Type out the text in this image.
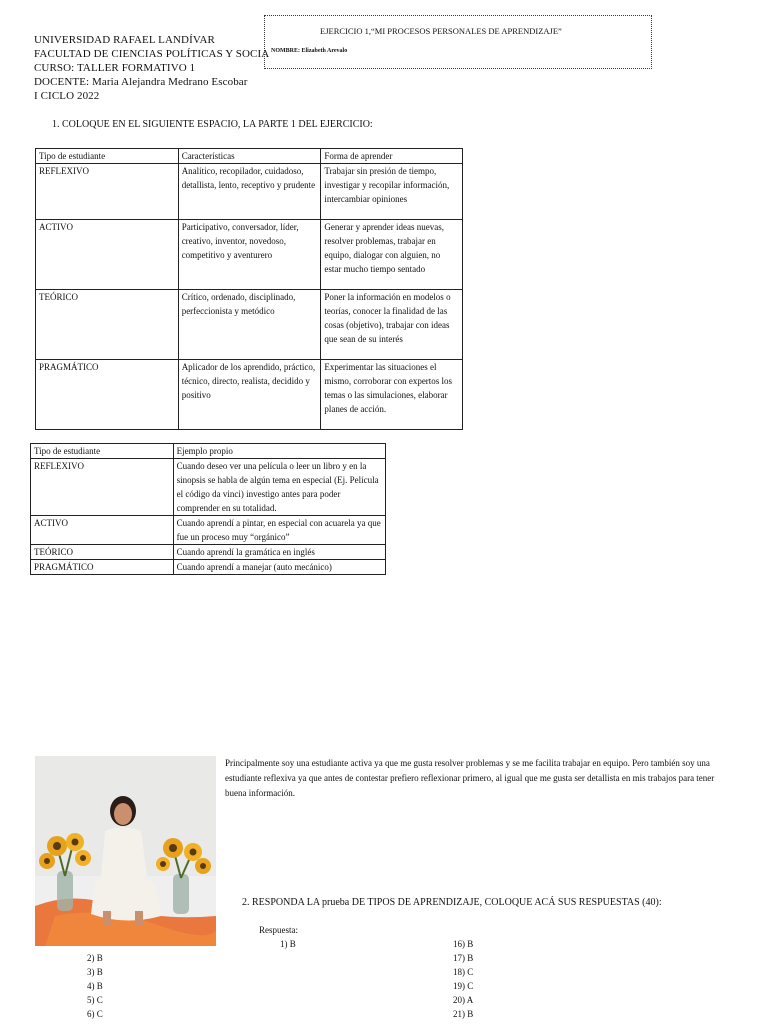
UNIVERSIDAD RAFAEL LANDÍVAR
FACULTAD DE CIENCIAS POLÍTICAS Y SOCIA
CURSO: TALLER FORMATIVO 1
DOCENTE: Maria Alejandra Medrano Escobar
I CICLO 2022
EJERCICIO 1,“MI PROCESOS PERSONALES DE APRENDIZAJE”
NOMBRE: Elizabeth Arevalo
1. COLOQUE EN EL SIGUIENTE ESPACIO, LA PARTE 1 DEL EJERCICIO:
Tipo de estudiante	Características	Forma de aprender
REFLEXIVO	Analítico, recopilador, cuidadoso, detallista, lento, receptivo y prudente	Trabajar sin presión de tiempo, investigar y recopilar información, intercambiar opiniones
ACTIVO	Participativo, conversador, líder, creativo, inventor, novedoso, competitivo y aventurero	Generar y aprender ideas nuevas, resolver problemas, trabajar en equipo, dialogar con alguien, no estar mucho tiempo sentado
TEÓRICO	Crítico, ordenado, disciplinado, perfeccionista y metódico	Poner la información en modelos o teorías, conocer la finalidad de las cosas (objetivo), trabajar con ideas que sean de su interés
PRAGMÁTICO	Aplicador de los aprendido, práctico, técnico, directo, realista, decidido y positivo	Experimentar las situaciones el mismo, corroborar con expertos los temas o las simulaciones, elaborar planes de acción.
Tipo de estudiante	Ejemplo propio
REFLEXIVO	Cuando deseo ver una película o leer un libro y en la sinopsis se habla de algún tema en especial (Ej. Película el código da vinci) investigo antes para poder comprender en su totalidad.
ACTIVO	Cuando aprendí a pintar, en especial con acuarela ya que fue un proceso muy “orgánico”
TEÓRICO	Cuando aprendí la gramática en inglés
PRAGMÁTICO	Cuando aprendí a manejar (auto mecánico)
Principalmente soy una estudiante activa ya que me gusta resolver problemas y se me facilita trabajar en equipo. Pero también soy una estudiante reflexiva ya que antes de contestar prefiero reflexionar primero, al igual que me gusta ser detallista en mis trabajos para tener buena información.
2. RESPONDA LA prueba DE TIPOS DE APRENDIZAJE, COLOQUE ACÁ SUS RESPUESTAS (40):
Respuesta:
1) B
2) B
3) B
4) B
5) C
6) C
16) B
17) B
18) C
19) C
20) A
21) B
